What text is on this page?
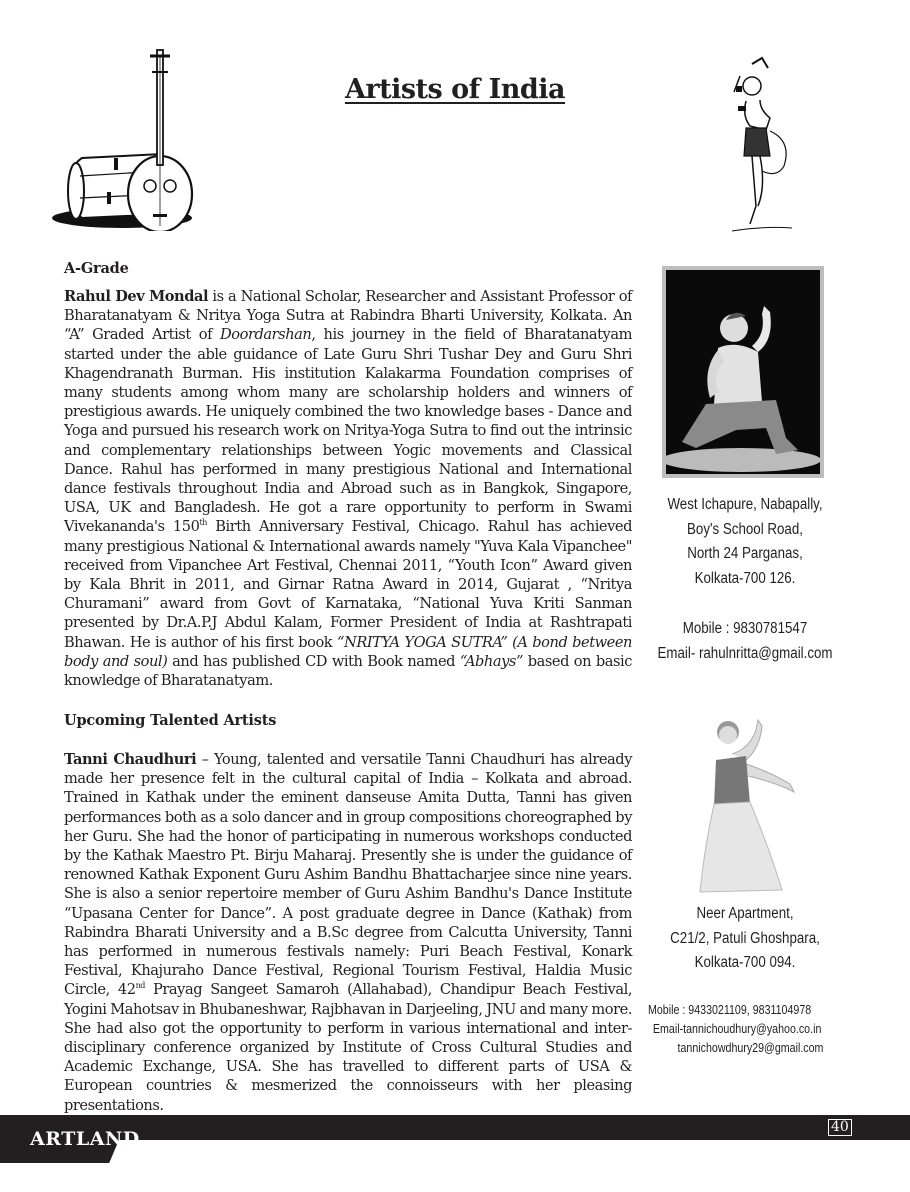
Artists of India
A-Grade
Rahul Dev Mondal is a National Scholar, Researcher and Assistant Professor of Bharatanatyam & Nritya Yoga Sutra at Rabindra Bharti University, Kolkata. An “A” Graded Artist of Doordarshan, his journey in the field of Bharatanatyam started under the able guidance of Late Guru Shri Tushar Dey and Guru Shri Khagendranath Burman. His institution Kalakarma Foundation comprises of many students among whom many are scholarship holders and winners of prestigious awards. He uniquely combined the two knowledge bases - Dance and Yoga and pursued his research work on Nritya-Yoga Sutra to find out the intrinsic and complementary relationships between Yogic movements and Classical Dance. Rahul has performed in many prestigious National and International dance festivals throughout India and Abroad such as in Bangkok, Singapore, USA, UK and Bangladesh. He got a rare opportunity to perform in Swami Vivekananda's 150th Birth Anniversary Festival, Chicago. Rahul has achieved many prestigious National & International awards namely "Yuva Kala Vipanchee" received from Vipanchee Art Festival, Chennai 2011, “Youth Icon” Award given by Kala Bhrit in 2011, and Girnar Ratna Award in 2014, Gujarat , “Nritya Churamani” award from Govt of Karnataka, “National Yuva Kriti Sanman presented by Dr.A.P.J Abdul Kalam, Former President of India at Rashtrapati Bhawan. He is author of his first book “NRITYA YOGA SUTRA” (A bond between body and soul) and has published CD with Book named “Abhays” based on basic knowledge of Bharatanatyam.
West Ichapure, Nabapally,
Boy's School Road,
North 24 Parganas,
Kolkata-700 126.
Mobile : 9830781547
Email- rahulnritta@gmail.com
Upcoming Talented Artists
Tanni Chaudhuri – Young, talented and versatile Tanni Chaudhuri has already made her presence felt in the cultural capital of India – Kolkata and abroad. Trained in Kathak under the eminent danseuse Amita Dutta, Tanni has given performances both as a solo dancer and in group compositions choreographed by her Guru. She had the honor of participating in numerous workshops conducted by the Kathak Maestro Pt. Birju Maharaj. Presently she is under the guidance of renowned Kathak Exponent Guru Ashim Bandhu Bhattacharjee since nine years. She is also a senior repertoire member of Guru Ashim Bandhu's Dance Institute “Upasana Center for Dance”. A post graduate degree in Dance (Kathak) from Rabindra Bharati University and a B.Sc degree from Calcutta University, Tanni has performed in numerous festivals namely: Puri Beach Festival, Konark Festival, Khajuraho Dance Festival, Regional Tourism Festival, Haldia Music Circle, 42nd Prayag Sangeet Samaroh (Allahabad), Chandipur Beach Festival, Yogini Mahotsav in Bhubaneshwar, Rajbhavan in Darjeeling, JNU and many more. She had also got the opportunity to perform in various international and inter-disciplinary conference organized by Institute of Cross Cultural Studies and Academic Exchange, USA. She has travelled to different parts of USA & European countries & mesmerized the connoisseurs with her pleasing presentations.
Neer Apartment,
C21/2, Patuli Ghoshpara,
Kolkata-700 094.
Mobile : 9433021109, 9831104978
Email-tannichoudhury@yahoo.co.in
tannichowdhury29@gmail.com
ARTLAND
40
